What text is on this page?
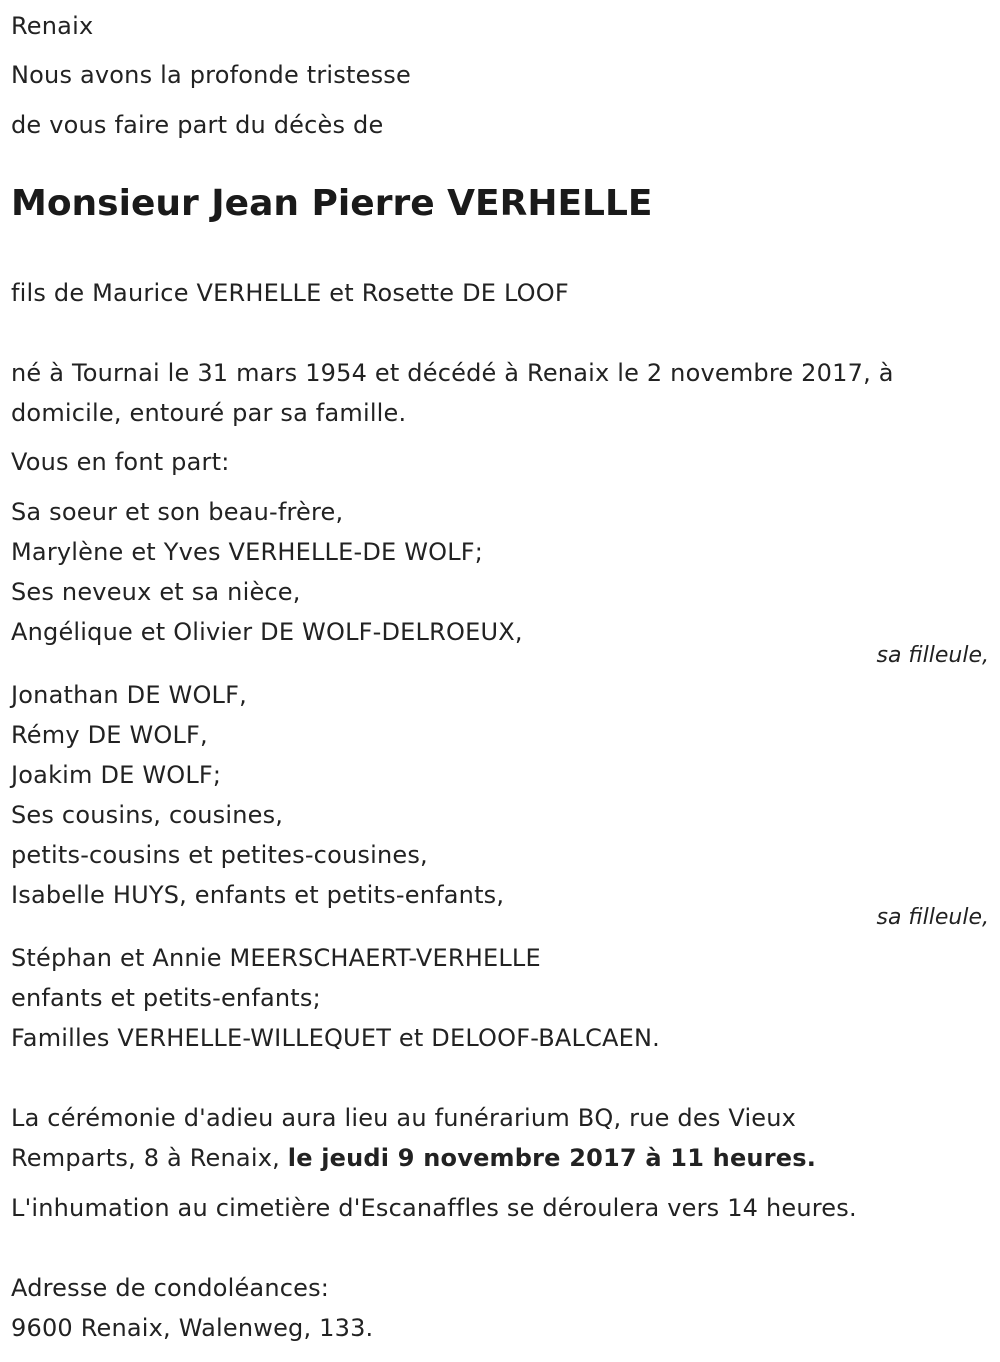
Renaix
Nous avons la profonde tristesse
de vous faire part du décès de
Monsieur Jean Pierre VERHELLE
fils de Maurice VERHELLE et Rosette DE LOOF
né à Tournai le 31 mars 1954 et décédé à Renaix le 2 novembre 2017, à
domicile, entouré par sa famille.
Vous en font part:
Sa soeur et son beau-frère,
Marylène et Yves VERHELLE-DE WOLF;
Ses neveux et sa nièce,
Angélique et Olivier DE WOLF-DELROEUX,
sa filleule,
Jonathan DE WOLF,
Rémy DE WOLF,
Joakim DE WOLF;
Ses cousins, cousines,
petits-cousins et petites-cousines,
Isabelle HUYS, enfants et petits-enfants,
sa filleule,
Stéphan et Annie MEERSCHAERT-VERHELLE
enfants et petits-enfants;
Familles VERHELLE-WILLEQUET et DELOOF-BALCAEN.
La cérémonie d'adieu aura lieu au funérarium BQ, rue des Vieux
Remparts, 8 à Renaix, le jeudi 9 novembre 2017 à 11 heures.
L'inhumation au cimetière d'Escanaffles se déroulera vers 14 heures.
Adresse de condoléances:
9600 Renaix, Walenweg, 133.
